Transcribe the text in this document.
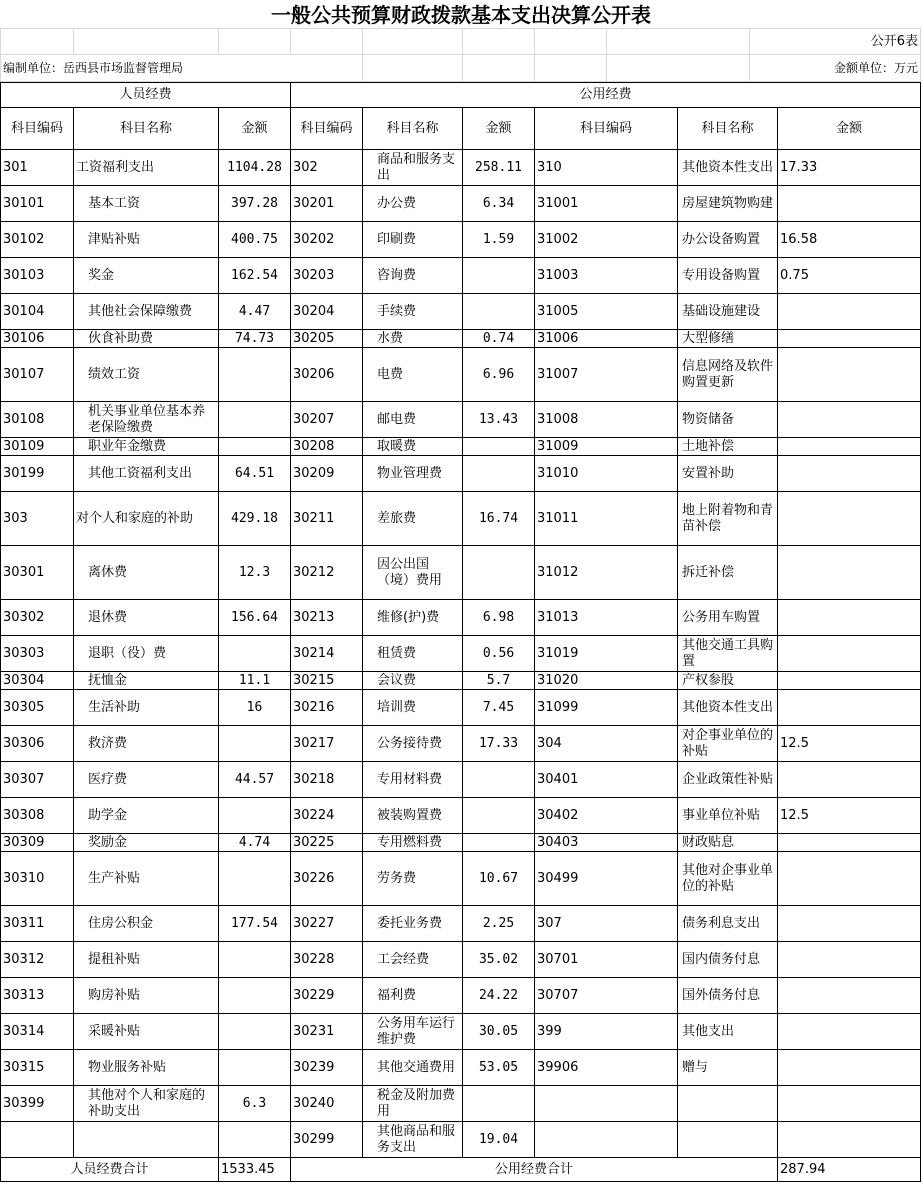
一般公共预算财政拨款基本支出决算公开表
								公开6表
编制单位：岳西县市场监督管理局								金额单位：万元
人员经费			公用经费					
科目编码	科目名称	金额	科目编码	科目名称	金额	科目编码	科目名称	金额
301	工资福利支出	1104.28	302	商品和服务支出	258.11	310	其他资本性支出	17.33
30101	基本工资	397.28	30201	办公费	6.34	31001	房屋建筑物购建	
30102	津贴补贴	400.75	30202	印刷费	1.59	31002	办公设备购置	16.58
30103	奖金	162.54	30203	咨询费		31003	专用设备购置	0.75
30104	其他社会保障缴费	4.47	30204	手续费		31005	基础设施建设	
30106	伙食补助费	74.73	30205	水费	0.74	31006	大型修缮	
30107	绩效工资		30206	电费	6.96	31007	信息网络及软件购置更新	
30108	机关事业单位基本养老保险缴费		30207	邮电费	13.43	31008	物资储备	
30109	职业年金缴费		30208	取暖费		31009	土地补偿	
30199	其他工资福利支出	64.51	30209	物业管理费		31010	安置补助	
303	对个人和家庭的补助	429.18	30211	差旅费	16.74	31011	地上附着物和青苗补偿	
30301	离休费	12.3	30212	因公出国（境）费用		31012	拆迁补偿	
30302	退休费	156.64	30213	维修(护)费	6.98	31013	公务用车购置	
30303	退职（役）费		30214	租赁费	0.56	31019	其他交通工具购置	
30304	抚恤金	11.1	30215	会议费	5.7	31020	产权参股	
30305	生活补助	16	30216	培训费	7.45	31099	其他资本性支出	
30306	救济费		30217	公务接待费	17.33	304	对企事业单位的补贴	12.5
30307	医疗费	44.57	30218	专用材料费		30401	企业政策性补贴	
30308	助学金		30224	被装购置费		30402	事业单位补贴	12.5
30309	奖励金	4.74	30225	专用燃料费		30403	财政贴息	
30310	生产补贴		30226	劳务费	10.67	30499	其他对企事业单位的补贴	
30311	住房公积金	177.54	30227	委托业务费	2.25	307	债务利息支出	
30312	提租补贴		30228	工会经费	35.02	30701	国内债务付息	
30313	购房补贴		30229	福利费	24.22	30707	国外债务付息	
30314	采暖补贴		30231	公务用车运行维护费	30.05	399	其他支出	
30315	物业服务补贴		30239	其他交通费用	53.05	39906	赠与	
30399	其他对个人和家庭的补助支出	6.3	30240	税金及附加费用				
			30299	其他商品和服务支出	19.04			
人员经费合计		1533.45	公用经费合计					287.94
